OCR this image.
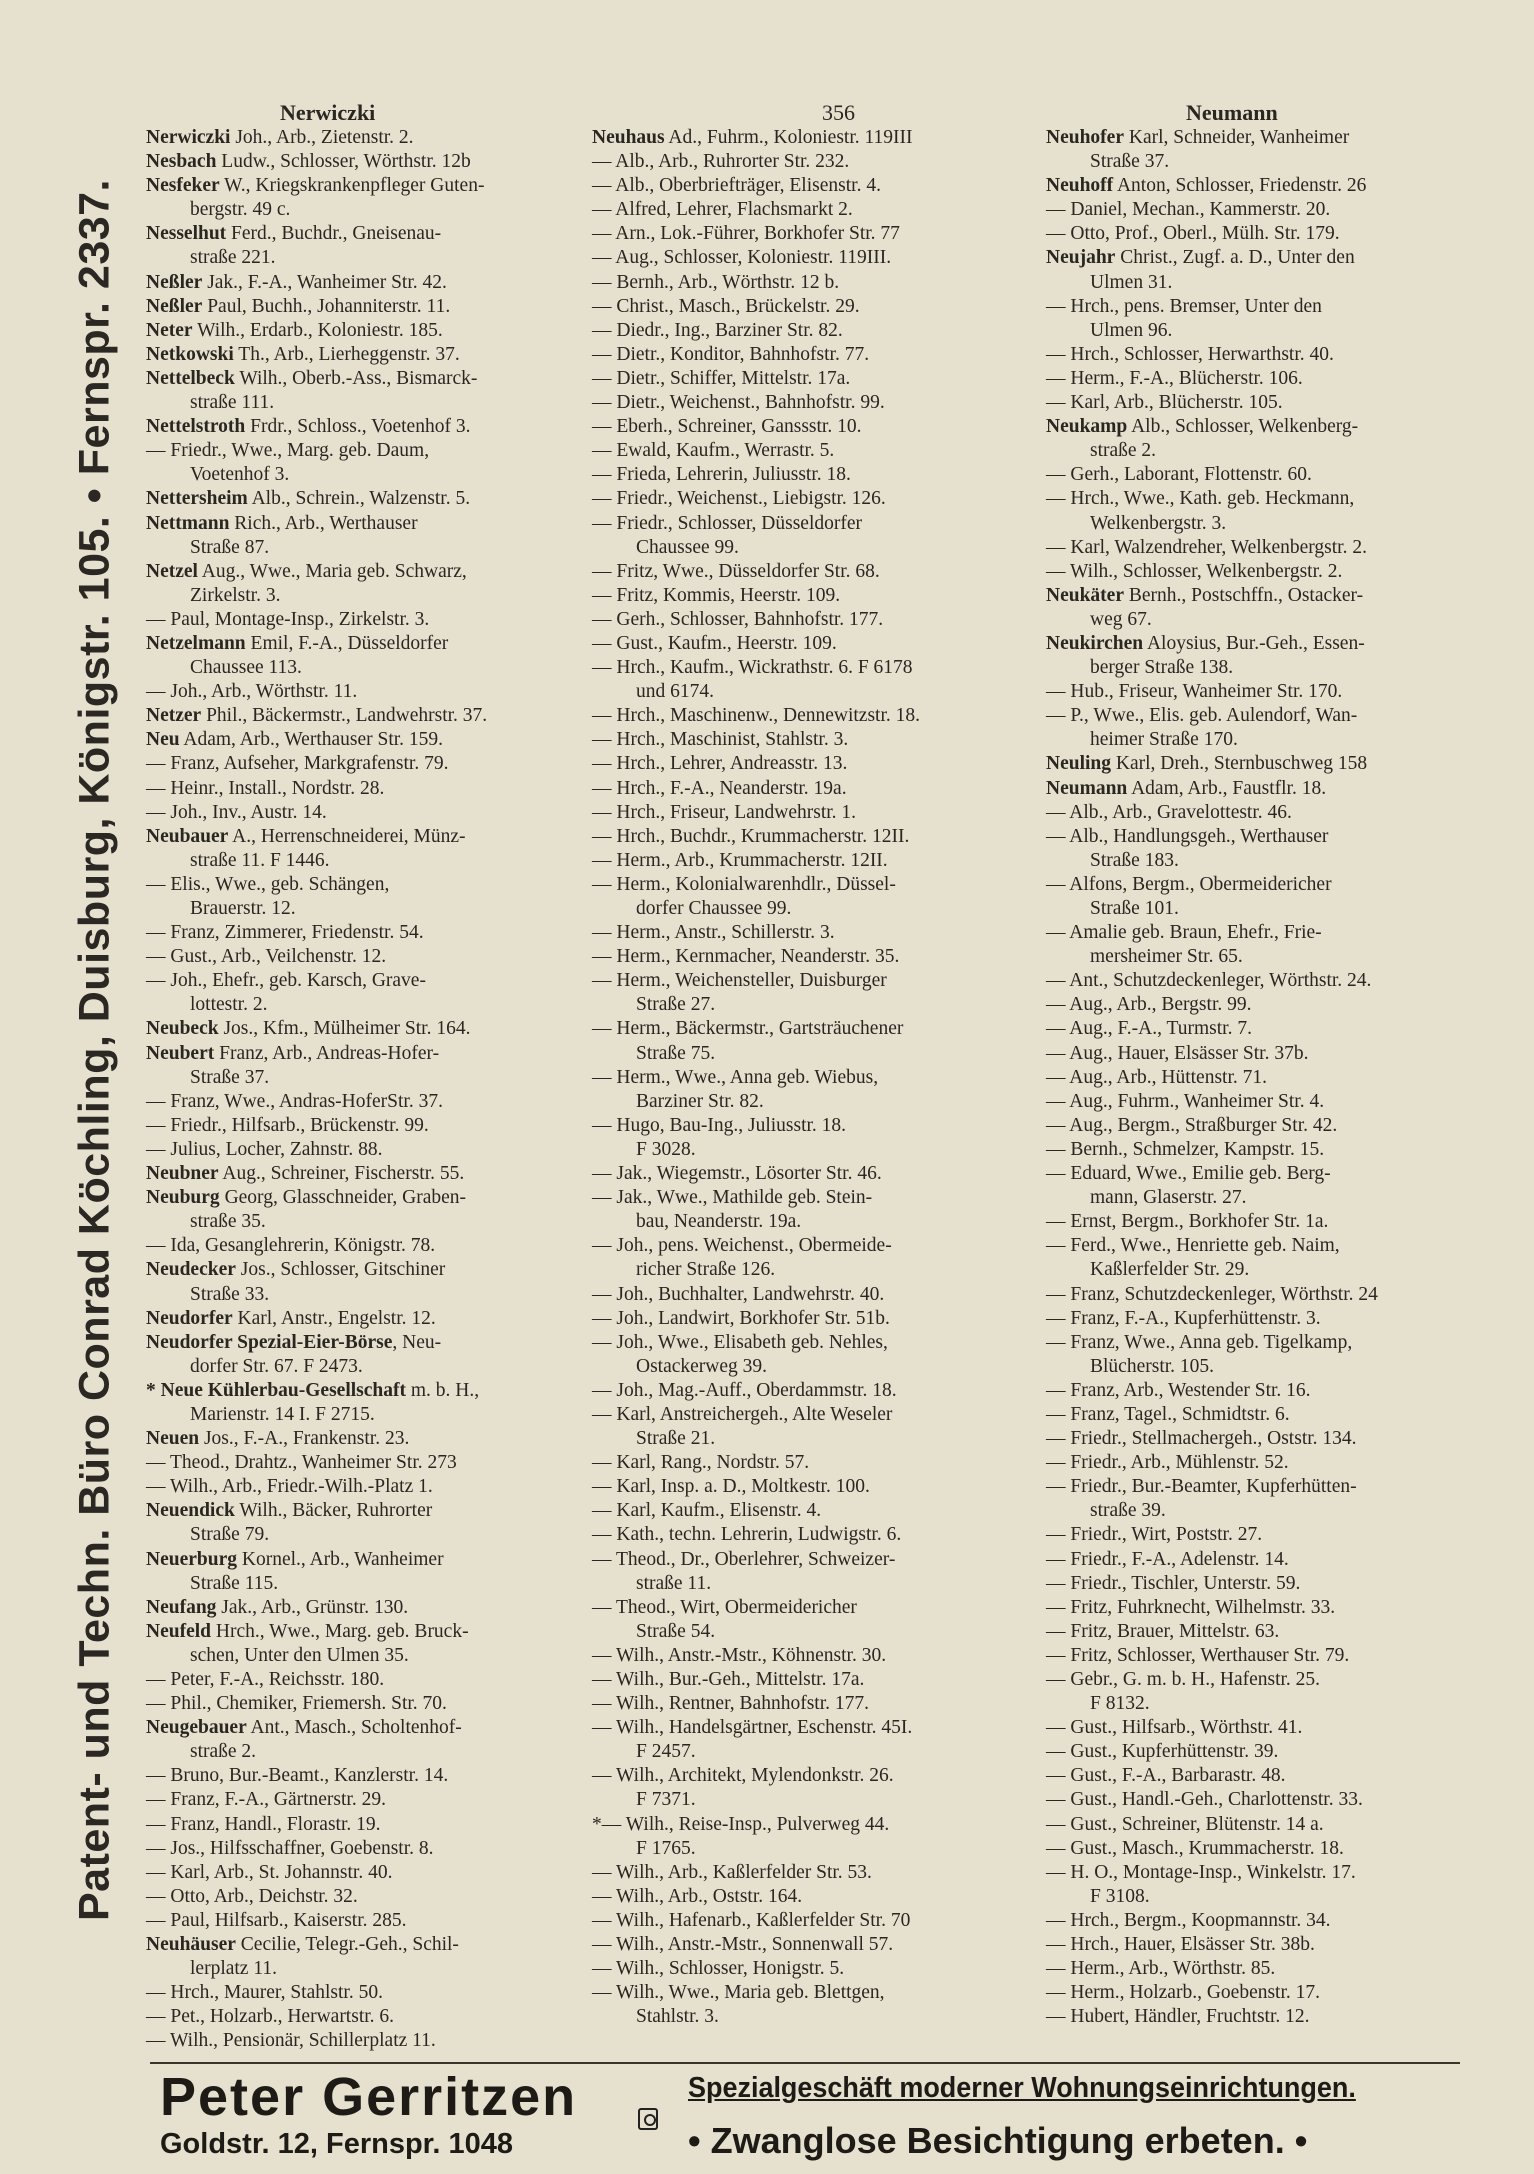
Patent- und Techn. Büro Conrad Köchling, Duisburg, Königstr. 105. • Fernspr. 2337.
Nerwiczki	356	Neumann
Nerwiczki Joh., Arb., Zietenstr. 2.
Nesbach Ludw., Schlosser, Wörthstr. 12b
Nesfeker W., Kriegskrankenpfleger Guten-
bergstr. 49 c.
Nesselhut Ferd., Buchdr., Gneisenau-
straße 221.
Neßler Jak., F.-A., Wanheimer Str. 42.
Neßler Paul, Buchh., Johanniterstr. 11.
Neter Wilh., Erdarb., Koloniestr. 185.
Netkowski Th., Arb., Lierheggenstr. 37.
Nettelbeck Wilh., Oberb.-Ass., Bismarck-
straße 111.
Nettelstroth Frdr., Schloss., Voetenhof 3.
— Friedr., Wwe., Marg. geb. Daum,
Voetenhof 3.
Nettersheim Alb., Schrein., Walzenstr. 5.
Nettmann Rich., Arb., Werthauser
Straße 87.
Netzel Aug., Wwe., Maria geb. Schwarz,
Zirkelstr. 3.
— Paul, Montage-Insp., Zirkelstr. 3.
Netzelmann Emil, F.-A., Düsseldorfer
Chaussee 113.
— Joh., Arb., Wörthstr. 11.
Netzer Phil., Bäckermstr., Landwehrstr. 37.
Neu Adam, Arb., Werthauser Str. 159.
— Franz, Aufseher, Markgrafenstr. 79.
— Heinr., Install., Nordstr. 28.
— Joh., Inv., Austr. 14.
Neubauer A., Herrenschneiderei, Münz-
straße 11. F 1446.
— Elis., Wwe., geb. Schängen,
Brauerstr. 12.
— Franz, Zimmerer, Friedenstr. 54.
— Gust., Arb., Veilchenstr. 12.
— Joh., Ehefr., geb. Karsch, Grave-
lottestr. 2.
Neubeck Jos., Kfm., Mülheimer Str. 164.
Neubert Franz, Arb., Andreas-Hofer-
Straße 37.
— Franz, Wwe., Andras-HoferStr. 37.
— Friedr., Hilfsarb., Brückenstr. 99.
— Julius, Locher, Zahnstr. 88.
Neubner Aug., Schreiner, Fischerstr. 55.
Neuburg Georg, Glasschneider, Graben-
straße 35.
— Ida, Gesanglehrerin, Königstr. 78.
Neudecker Jos., Schlosser, Gitschiner
Straße 33.
Neudorfer Karl, Anstr., Engelstr. 12.
Neudorfer Spezial-Eier-Börse, Neu-
dorfer Str. 67. F 2473.
* Neue Kühlerbau-Gesellschaft m. b. H.,
Marienstr. 14 I. F 2715.
Neuen Jos., F.-A., Frankenstr. 23.
— Theod., Drahtz., Wanheimer Str. 273
— Wilh., Arb., Friedr.-Wilh.-Platz 1.
Neuendick Wilh., Bäcker, Ruhrorter
Straße 79.
Neuerburg Kornel., Arb., Wanheimer
Straße 115.
Neufang Jak., Arb., Grünstr. 130.
Neufeld Hrch., Wwe., Marg. geb. Bruck-
schen, Unter den Ulmen 35.
— Peter, F.-A., Reichsstr. 180.
— Phil., Chemiker, Friemersh. Str. 70.
Neugebauer Ant., Masch., Scholtenhof-
straße 2.
— Bruno, Bur.-Beamt., Kanzlerstr. 14.
— Franz, F.-A., Gärtnerstr. 29.
— Franz, Handl., Florastr. 19.
— Jos., Hilfsschaffner, Goebenstr. 8.
— Karl, Arb., St. Johannstr. 40.
— Otto, Arb., Deichstr. 32.
— Paul, Hilfsarb., Kaiserstr. 285.
Neuhäuser Cecilie, Telegr.-Geh., Schil-
lerplatz 11.
— Hrch., Maurer, Stahlstr. 50.
— Pet., Holzarb., Herwartstr. 6.
— Wilh., Pensionär, Schillerplatz 11.
Neuhaus Ad., Fuhrm., Koloniestr. 119III
— Alb., Arb., Ruhrorter Str. 232.
— Alb., Oberbriefträger, Elisenstr. 4.
— Alfred, Lehrer, Flachsmarkt 2.
— Arn., Lok.-Führer, Borkhofer Str. 77
— Aug., Schlosser, Koloniestr. 119III.
— Bernh., Arb., Wörthstr. 12 b.
— Christ., Masch., Brückelstr. 29.
— Diedr., Ing., Barziner Str. 82.
— Dietr., Konditor, Bahnhofstr. 77.
— Dietr., Schiffer, Mittelstr. 17a.
— Dietr., Weichenst., Bahnhofstr. 99.
— Eberh., Schreiner, Ganssstr. 10.
— Ewald, Kaufm., Werrastr. 5.
— Frieda, Lehrerin, Juliusstr. 18.
— Friedr., Weichenst., Liebigstr. 126.
— Friedr., Schlosser, Düsseldorfer
Chaussee 99.
— Fritz, Wwe., Düsseldorfer Str. 68.
— Fritz, Kommis, Heerstr. 109.
— Gerh., Schlosser, Bahnhofstr. 177.
— Gust., Kaufm., Heerstr. 109.
— Hrch., Kaufm., Wickrathstr. 6. F 6178
und 6174.
— Hrch., Maschinenw., Dennewitzstr. 18.
— Hrch., Maschinist, Stahlstr. 3.
— Hrch., Lehrer, Andreasstr. 13.
— Hrch., F.-A., Neanderstr. 19a.
— Hrch., Friseur, Landwehrstr. 1.
— Hrch., Buchdr., Krummacherstr. 12II.
— Herm., Arb., Krummacherstr. 12II.
— Herm., Kolonialwarenhdlr., Düssel-
dorfer Chaussee 99.
— Herm., Anstr., Schillerstr. 3.
— Herm., Kernmacher, Neanderstr. 35.
— Herm., Weichensteller, Duisburger
Straße 27.
— Herm., Bäckermstr., Gartsträuchener
Straße 75.
— Herm., Wwe., Anna geb. Wiebus,
Barziner Str. 82.
— Hugo, Bau-Ing., Juliusstr. 18.
F 3028.
— Jak., Wiegemstr., Lösorter Str. 46.
— Jak., Wwe., Mathilde geb. Stein-
bau, Neanderstr. 19a.
— Joh., pens. Weichenst., Obermeide-
richer Straße 126.
— Joh., Buchhalter, Landwehrstr. 40.
— Joh., Landwirt, Borkhofer Str. 51b.
— Joh., Wwe., Elisabeth geb. Nehles,
Ostackerweg 39.
— Joh., Mag.-Auff., Oberdammstr. 18.
— Karl, Anstreichergeh., Alte Weseler
Straße 21.
— Karl, Rang., Nordstr. 57.
— Karl, Insp. a. D., Moltkestr. 100.
— Karl, Kaufm., Elisenstr. 4.
— Kath., techn. Lehrerin, Ludwigstr. 6.
— Theod., Dr., Oberlehrer, Schweizer-
straße 11.
— Theod., Wirt, Obermeidericher
Straße 54.
— Wilh., Anstr.-Mstr., Köhnenstr. 30.
— Wilh., Bur.-Geh., Mittelstr. 17a.
— Wilh., Rentner, Bahnhofstr. 177.
— Wilh., Handelsgärtner, Eschenstr. 45I.
F 2457.
— Wilh., Architekt, Mylendonkstr. 26.
F 7371.
*— Wilh., Reise-Insp., Pulverweg 44.
F 1765.
— Wilh., Arb., Kaßlerfelder Str. 53.
— Wilh., Arb., Oststr. 164.
— Wilh., Hafenarb., Kaßlerfelder Str. 70
— Wilh., Anstr.-Mstr., Sonnenwall 57.
— Wilh., Schlosser, Honigstr. 5.
— Wilh., Wwe., Maria geb. Blettgen,
Stahlstr. 3.
Neuhofer Karl, Schneider, Wanheimer
Straße 37.
Neuhoff Anton, Schlosser, Friedenstr. 26
— Daniel, Mechan., Kammerstr. 20.
— Otto, Prof., Oberl., Mülh. Str. 179.
Neujahr Christ., Zugf. a. D., Unter den
Ulmen 31.
— Hrch., pens. Bremser, Unter den
Ulmen 96.
— Hrch., Schlosser, Herwarthstr. 40.
— Herm., F.-A., Blücherstr. 106.
— Karl, Arb., Blücherstr. 105.
Neukamp Alb., Schlosser, Welkenberg-
straße 2.
— Gerh., Laborant, Flottenstr. 60.
— Hrch., Wwe., Kath. geb. Heckmann,
Welkenbergstr. 3.
— Karl, Walzendreher, Welkenbergstr. 2.
— Wilh., Schlosser, Welkenbergstr. 2.
Neukäter Bernh., Postschffn., Ostacker-
weg 67.
Neukirchen Aloysius, Bur.-Geh., Essen-
berger Straße 138.
— Hub., Friseur, Wanheimer Str. 170.
— P., Wwe., Elis. geb. Aulendorf, Wan-
heimer Straße 170.
Neuling Karl, Dreh., Sternbuschweg 158
Neumann Adam, Arb., Faustflr. 18.
— Alb., Arb., Gravelottestr. 46.
— Alb., Handlungsgeh., Werthauser
Straße 183.
— Alfons, Bergm., Obermeidericher
Straße 101.
— Amalie geb. Braun, Ehefr., Frie-
mersheimer Str. 65.
— Ant., Schutzdeckenleger, Wörthstr. 24.
— Aug., Arb., Bergstr. 99.
— Aug., F.-A., Turmstr. 7.
— Aug., Hauer, Elsässer Str. 37b.
— Aug., Arb., Hüttenstr. 71.
— Aug., Fuhrm., Wanheimer Str. 4.
— Aug., Bergm., Straßburger Str. 42.
— Bernh., Schmelzer, Kampstr. 15.
— Eduard, Wwe., Emilie geb. Berg-
mann, Glaserstr. 27.
— Ernst, Bergm., Borkhofer Str. 1a.
— Ferd., Wwe., Henriette geb. Naim,
Kaßlerfelder Str. 29.
— Franz, Schutzdeckenleger, Wörthstr. 24
— Franz, F.-A., Kupferhüttenstr. 3.
— Franz, Wwe., Anna geb. Tigelkamp,
Blücherstr. 105.
— Franz, Arb., Westender Str. 16.
— Franz, Tagel., Schmidtstr. 6.
— Friedr., Stellmachergeh., Oststr. 134.
— Friedr., Arb., Mühlenstr. 52.
— Friedr., Bur.-Beamter, Kupferhütten-
straße 39.
— Friedr., Wirt, Poststr. 27.
— Friedr., F.-A., Adelenstr. 14.
— Friedr., Tischler, Unterstr. 59.
— Fritz, Fuhrknecht, Wilhelmstr. 33.
— Fritz, Brauer, Mittelstr. 63.
— Fritz, Schlosser, Werthauser Str. 79.
— Gebr., G. m. b. H., Hafenstr. 25.
F 8132.
— Gust., Hilfsarb., Wörthstr. 41.
— Gust., Kupferhüttenstr. 39.
— Gust., F.-A., Barbarastr. 48.
— Gust., Handl.-Geh., Charlottenstr. 33.
— Gust., Schreiner, Blütenstr. 14 a.
— Gust., Masch., Krummacherstr. 18.
— H. O., Montage-Insp., Winkelstr. 17.
F 3108.
— Hrch., Bergm., Koopmannstr. 34.
— Hrch., Hauer, Elsässer Str. 38b.
— Herm., Arb., Wörthstr. 85.
— Herm., Holzarb., Goebenstr. 17.
— Hubert, Händler, Fruchtstr. 12.
Peter Gerritzen
Goldstr. 12, Fernspr. 1048
Spezialgeschäft moderner Wohnungseinrichtungen.
• Zwanglose Besichtigung erbeten. •
